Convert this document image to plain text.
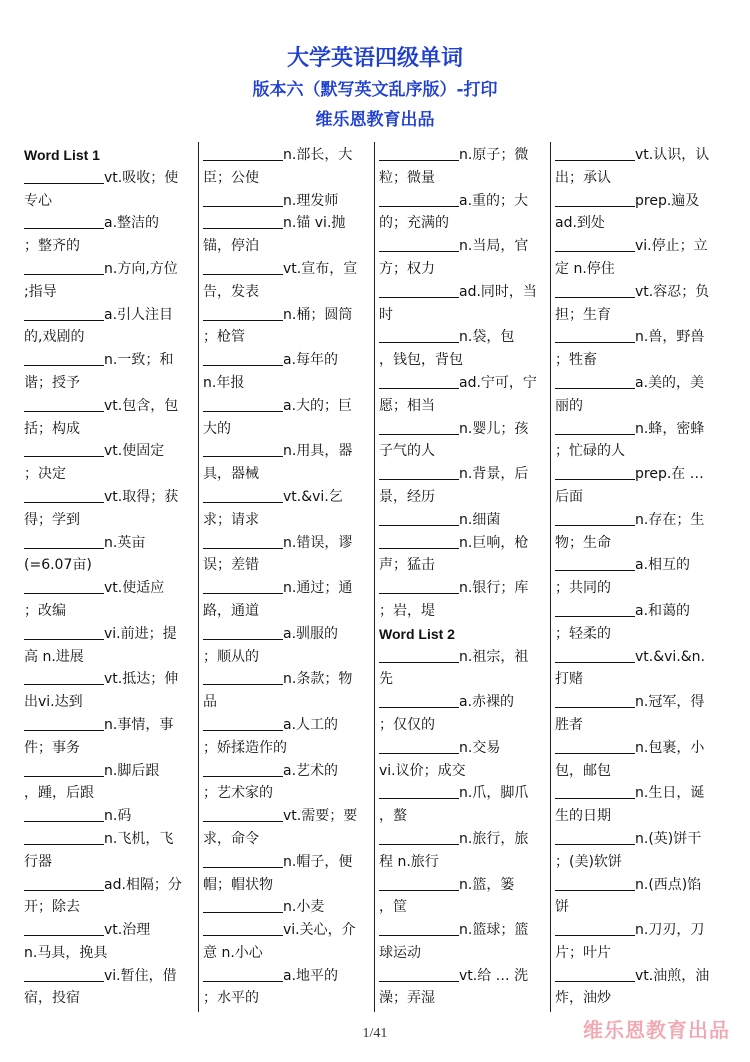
大学英语四级单词
版本六（默写英文乱序版）-打印
维乐恩教育出品
Word List 1
vt.吸收；使
专心
a.整洁的
；整齐的
n.方向,方位
;指导
a.引人注目
的,戏剧的
n.一致；和
谐；授予
vt.包含，包
括；构成
vt.使固定
；决定
vt.取得；获
得；学到
n.英亩
(=6.07亩)
vt.使适应
；改编
vi.前进；提
高 n.进展
vt.抵达；伸
出vi.达到
n.事情，事
件；事务
n.脚后跟
，踵，后跟
n.码
n.飞机，飞
行器
ad.相隔；分
开；除去
vt.治理
n.马具，挽具
vi.暂住，借
宿，投宿
n.部长，大
臣；公使
n.理发师
n.锚 vi.抛
锚，停泊
vt.宣布，宣
告，发表
n.桶；圆筒
；枪管
a.每年的
n.年报
a.大的；巨
大的
n.用具，器
具，器械
vt.&vi.乞
求；请求
n.错误，谬
误；差错
n.通过；通
路，通道
a.驯服的
；顺从的
n.条款；物
品
a.人工的
；娇揉造作的
a.艺术的
；艺术家的
vt.需要；要
求，命令
n.帽子，便
帽；帽状物
n.小麦
vi.关心，介
意 n.小心
a.地平的
；水平的
n.原子；微
粒；微量
a.重的；大
的；充满的
n.当局，官
方；权力
ad.同时，当
时
n.袋，包
，钱包，背包
ad.宁可，宁
愿；相当
n.婴儿；孩
子气的人
n.背景，后
景，经历
n.细菌
n.巨响，枪
声；猛击
n.银行；库
；岩，堤
Word List 2
n.祖宗，祖
先
a.赤裸的
；仅仅的
n.交易
vi.议价；成交
n.爪，脚爪
，螯
n.旅行，旅
程 n.旅行
n.篮，篓
，筐
n.篮球；篮
球运动
vt.给 … 洗
澡；弄湿
vt.认识，认
出；承认
prep.遍及
ad.到处
vi.停止；立
定 n.停住
vt.容忍；负
担；生育
n.兽，野兽
；牲畜
a.美的，美
丽的
n.蜂，密蜂
；忙碌的人
prep.在 …
后面
n.存在；生
物；生命
a.相互的
；共同的
a.和蔼的
；轻柔的
vt.&vi.&n.
打赌
n.冠军，得
胜者
n.包裹，小
包，邮包
n.生日，诞
生的日期
n.(英)饼干
；(美)软饼
n.(西点)馅
饼
n.刀刃，刀
片；叶片
vt.油煎，油
炸，油炒
1/41	维乐恩教育出品
